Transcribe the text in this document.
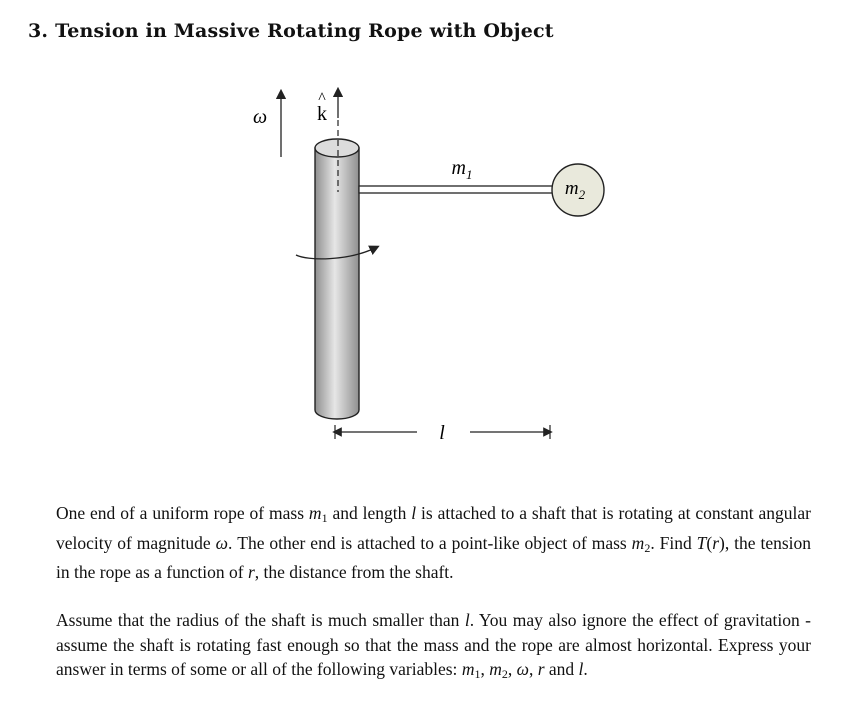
3. Tension in Massive Rotating Rope with Object
ω
^
k
$m_1$
$m_2$
l
One end of a uniform rope of mass $m_1$ and length l is attached to a shaft that is rotating at constant angular velocity of magnitude ω. The other end is attached to a point-like object of mass $m_2$. Find T(r), the tension in the rope as a function of r, the distance from the shaft.
Assume that the radius of the shaft is much smaller than l. You may also ignore the effect of gravitation - assume the shaft is rotating fast enough so that the mass and the rope are almost horizontal. Express your answer in terms of some or all of the following variables: $m_1$, $m_2$, ω, r and l.
